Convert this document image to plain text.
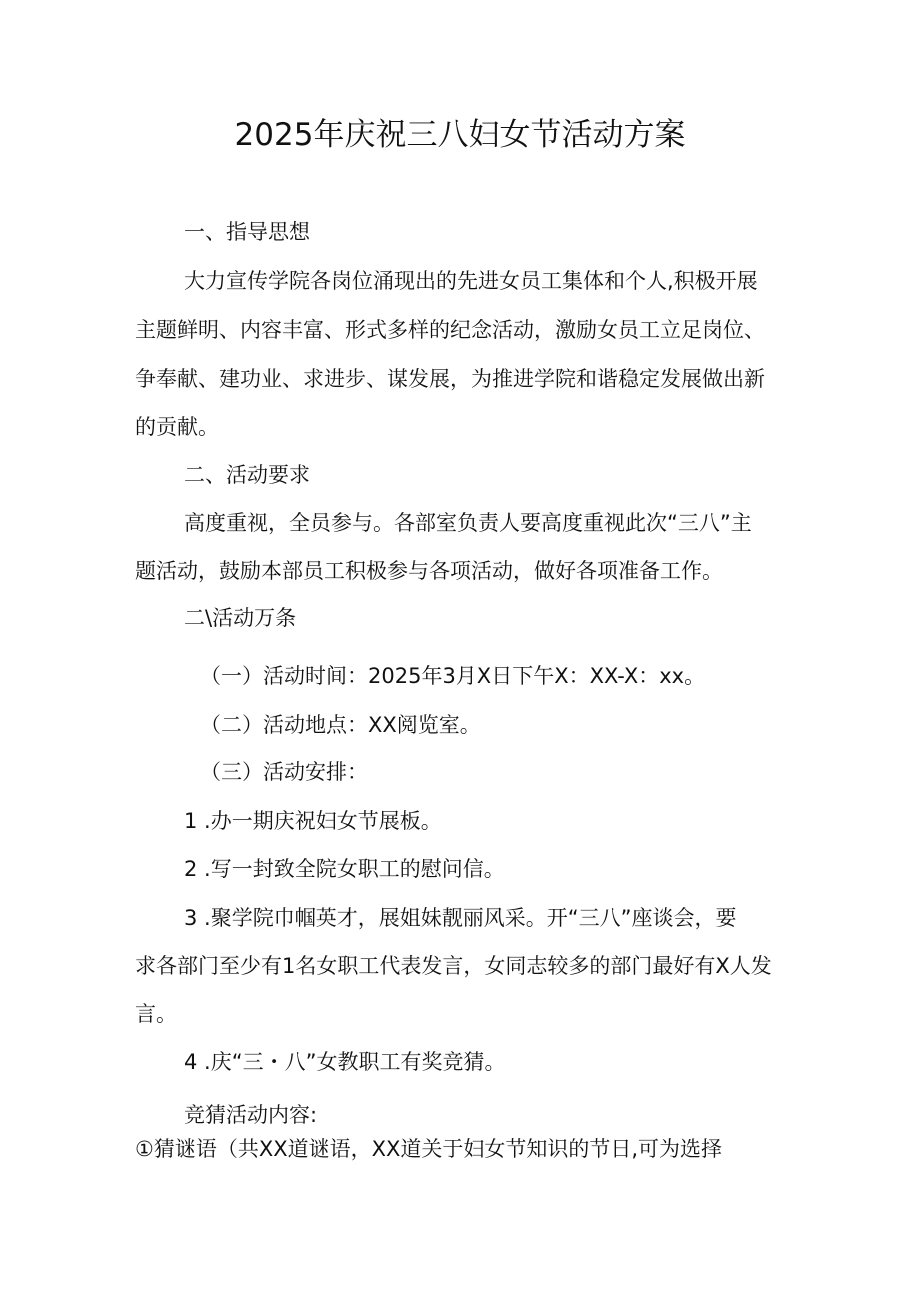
2025年庆祝三八妇女节活动方案
一、指导思想
大力宣传学院各岗位涌现出的先进女员工集体和个人,积极开展
主题鲜明、内容丰富、形式多样的纪念活动，激励女员工立足岗位、
争奉献、建功业、求进步、谋发展，为推进学院和谐稳定发展做出新
的贡献。
二、活动要求
高度重视，全员参与。各部室负责人要高度重视此次“三八”主
题活动，鼓励本部员工积极参与各项活动，做好各项准备工作。
二\活动万条
（一）活动时间：2025年3月X日下午X：XX-X：xx。
（二）活动地点：XX阅览室。
（三）活动安排：
1 .办一期庆祝妇女节展板。
2 .写一封致全院女职工的慰问信。
3 .聚学院巾帼英才，展姐妹靓丽风采。开“三八”座谈会，要
求各部门至少有1名女职工代表发言，女同志较多的部门最好有X人发
言。
4 .庆“三・八”女教职工有奖竞猜。
竞猜活动内容:
①猜谜语（共XX道谜语，XX道关于妇女节知识的节日,可为选择
